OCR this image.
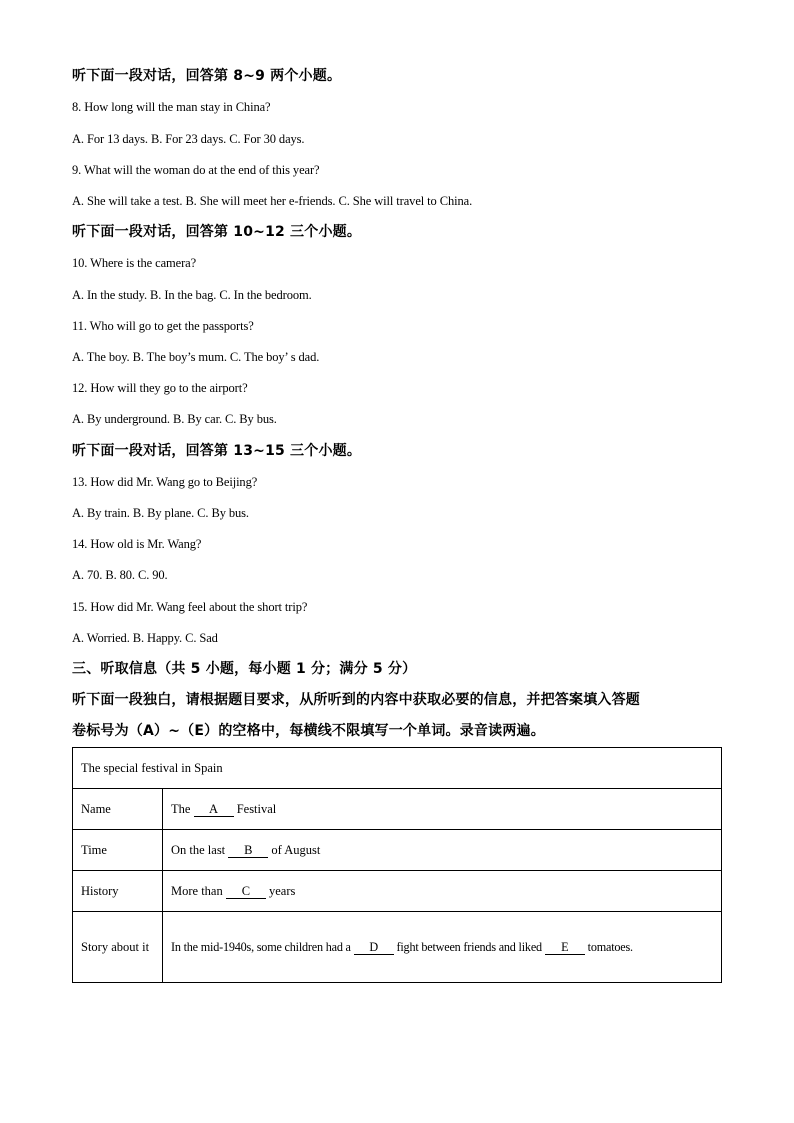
听下面一段对话，回答第 8~9 两个小题。
8. How long will the man stay in China?
A. For 13 days. B. For 23 days. C. For 30 days.
9. What will the woman do at the end of this year?
A. She will take a test. B. She will meet her e-friends. C. She will travel to China.
听下面一段对话，回答第 10~12 三个小题。
10. Where is the camera?
A. In the study. B. In the bag. C. In the bedroom.
11. Who will go to get the passports?
A. The boy. B. The boy’s mum. C. The boy’ s dad.
12. How will they go to the airport?
A. By underground. B. By car. C. By bus.
听下面一段对话，回答第 13~15 三个小题。
13. How did Mr. Wang go to Beijing?
A. By train. B. By plane. C. By bus.
14. How old is Mr. Wang?
A. 70. B. 80. C. 90.
15. How did Mr. Wang feel about the short trip?
A. Worried. B. Happy. C. Sad
三、听取信息（共 5 小题，每小题 1 分；满分 5 分）
听下面一段独白，请根据题目要求，从所听到的内容中获取必要的信息，并把答案填入答题
卷标号为（A）~（E）的空格中，每横线不限填写一个单词。录音读两遍。
The special festival in Spain	
Name	The A Festival
Time	On the last B of August
History	More than C years
Story about it	In the mid-1940s, some children had a D fight between friends and liked E tomatoes.
